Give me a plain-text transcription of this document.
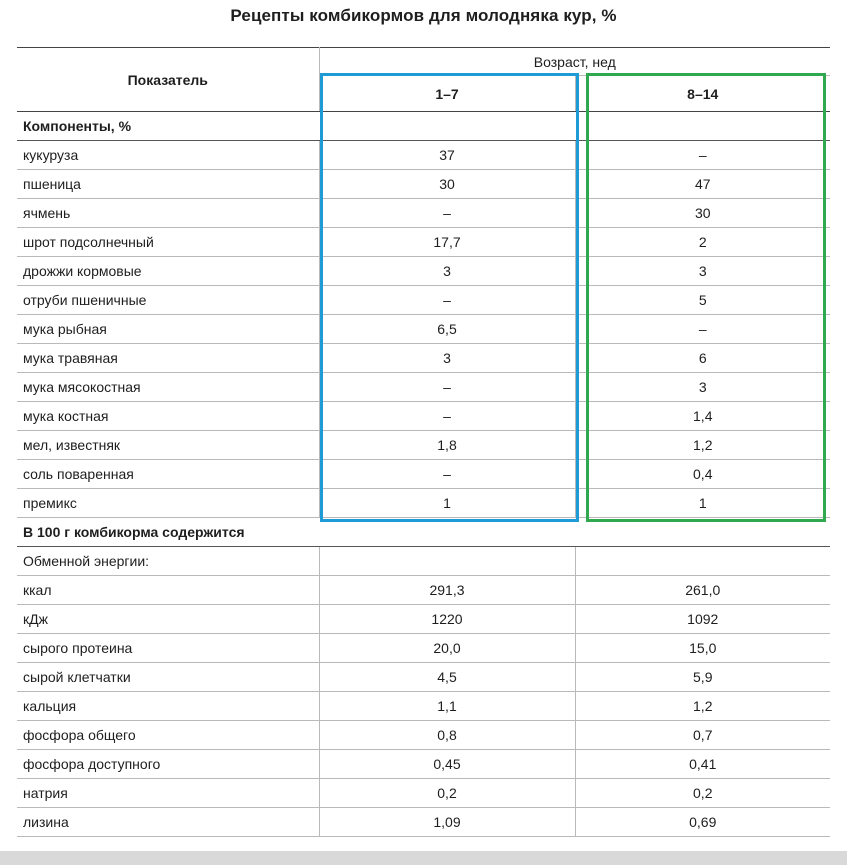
Рецепты комбикормов для молодняка кур, %
Показатель	Возраст, нед	
	1–7	8–14
Компоненты, %		
кукуруза	37	–
пшеница	30	47
ячмень	–	30
шрот подсолнечный	17,7	2
дрожжи кормовые	3	3
отруби пшеничные	–	5
мука рыбная	6,5	–
мука травяная	3	6
мука мясокостная	–	3
мука костная	–	1,4
мел, известняк	1,8	1,2
соль поваренная	–	0,4
премикс	1	1
В 100 г комбикорма содержится		
Обменной энергии:		
ккал	291,3	261,0
кДж	1220	1092
сырого протеина	20,0	15,0
сырой клетчатки	4,5	5,9
кальция	1,1	1,2
фосфора общего	0,8	0,7
фосфора доступного	0,45	0,41
натрия	0,2	0,2
лизина	1,09	0,69
